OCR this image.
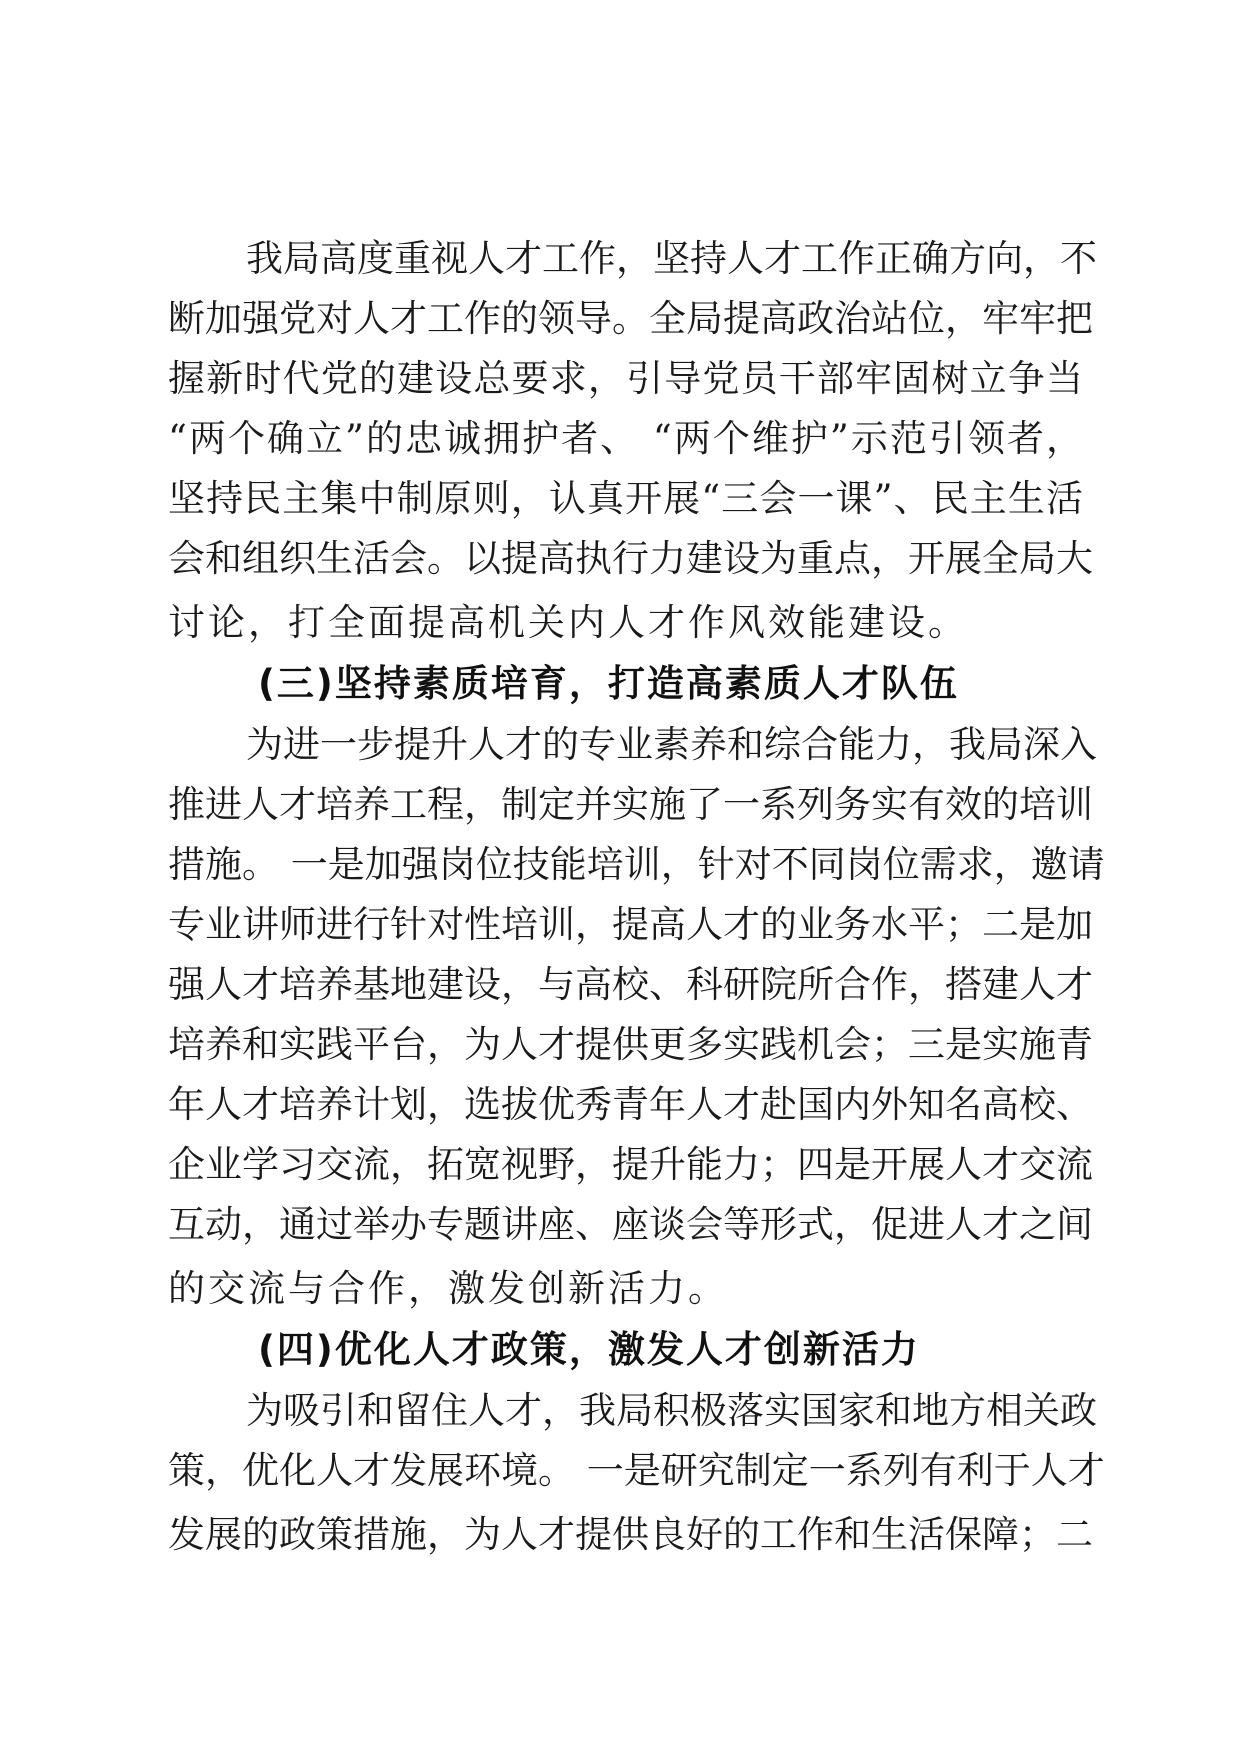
我局高度重视人才工作，坚持人才工作正确方向，不
断加强党对人才工作的领导。全局提高政治站位，牢牢把
握新时代党的建设总要求，引导党员干部牢固树立争当
“两个确立”的忠诚拥护者、 “两个维护”示范引领者，
坚持民主集中制原则，认真开展“三会一课”、民主生活
会和组织生活会。以提高执行力建设为重点，开展全局大
讨论，打全面提高机关内人才作风效能建设。
(三)坚持素质培育，打造高素质人才队伍
为进一步提升人才的专业素养和综合能力，我局深入
推进人才培养工程，制定并实施了一系列务实有效的培训
措施。 一是加强岗位技能培训，针对不同岗位需求，邀请
专业讲师进行针对性培训，提高人才的业务水平；二是加
强人才培养基地建设，与高校、科研院所合作，搭建人才
培养和实践平台，为人才提供更多实践机会；三是实施青
年人才培养计划，选拔优秀青年人才赴国内外知名高校、
企业学习交流，拓宽视野，提升能力；四是开展人才交流
互动，通过举办专题讲座、座谈会等形式，促进人才之间
的交流与合作，激发创新活力。
(四)优化人才政策，激发人才创新活力
为吸引和留住人才，我局积极落实国家和地方相关政
策，优化人才发展环境。 一是研究制定一系列有利于人才
发展的政策措施，为人才提供良好的工作和生活保障；二
